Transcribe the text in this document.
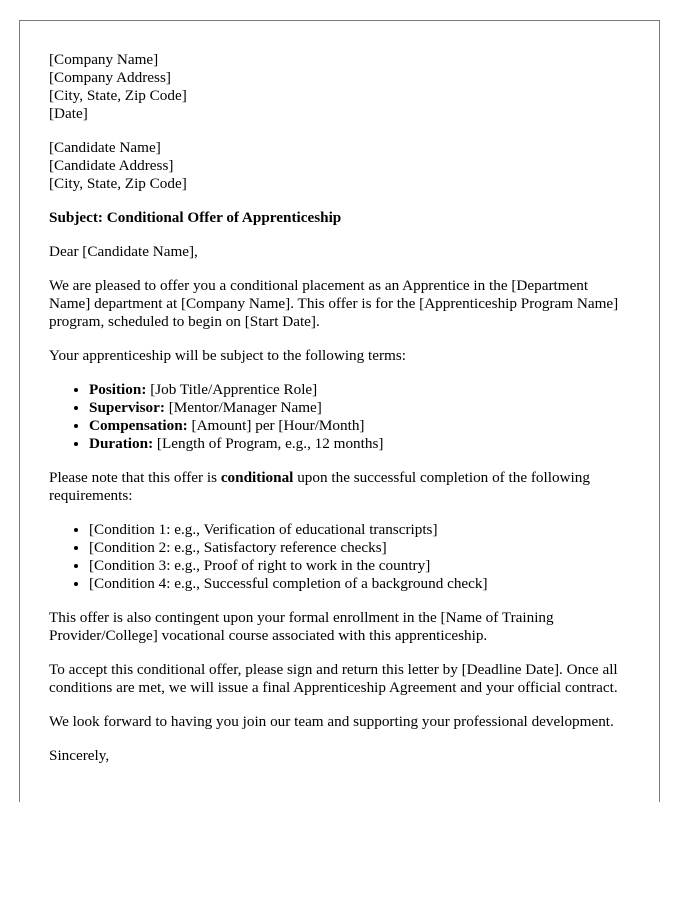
[Company Name]
[Company Address]
[City, State, Zip Code]
[Date]
[Candidate Name]
[Candidate Address]
[City, State, Zip Code]

Subject: Conditional Offer of Apprenticeship

Dear [Candidate Name],

We are pleased to offer you a conditional placement as an Apprentice in the [Department Name] department at [Company Name]. This offer is for the [Apprenticeship Program Name] program, scheduled to begin on [Start Date].

Your apprenticeship will be subject to the following terms:

• Position: [Job Title/Apprentice Role]
• Supervisor: [Mentor/Manager Name]
• Compensation: [Amount] per [Hour/Month]
• Duration: [Length of Program, e.g., 12 months]

Please note that this offer is conditional upon the successful completion of the following requirements:

• [Condition 1: e.g., Verification of educational transcripts]
• [Condition 2: e.g., Satisfactory reference checks]
• [Condition 3: e.g., Proof of right to work in the country]
• [Condition 4: e.g., Successful completion of a background check]

This offer is also contingent upon your formal enrollment in the [Name of Training Provider/College] vocational course associated with this apprenticeship.

To accept this conditional offer, please sign and return this letter by [Deadline Date]. Once all conditions are met, we will issue a final Apprenticeship Agreement and your official contract.

We look forward to having you join our team and supporting your professional development.

Sincerely,
